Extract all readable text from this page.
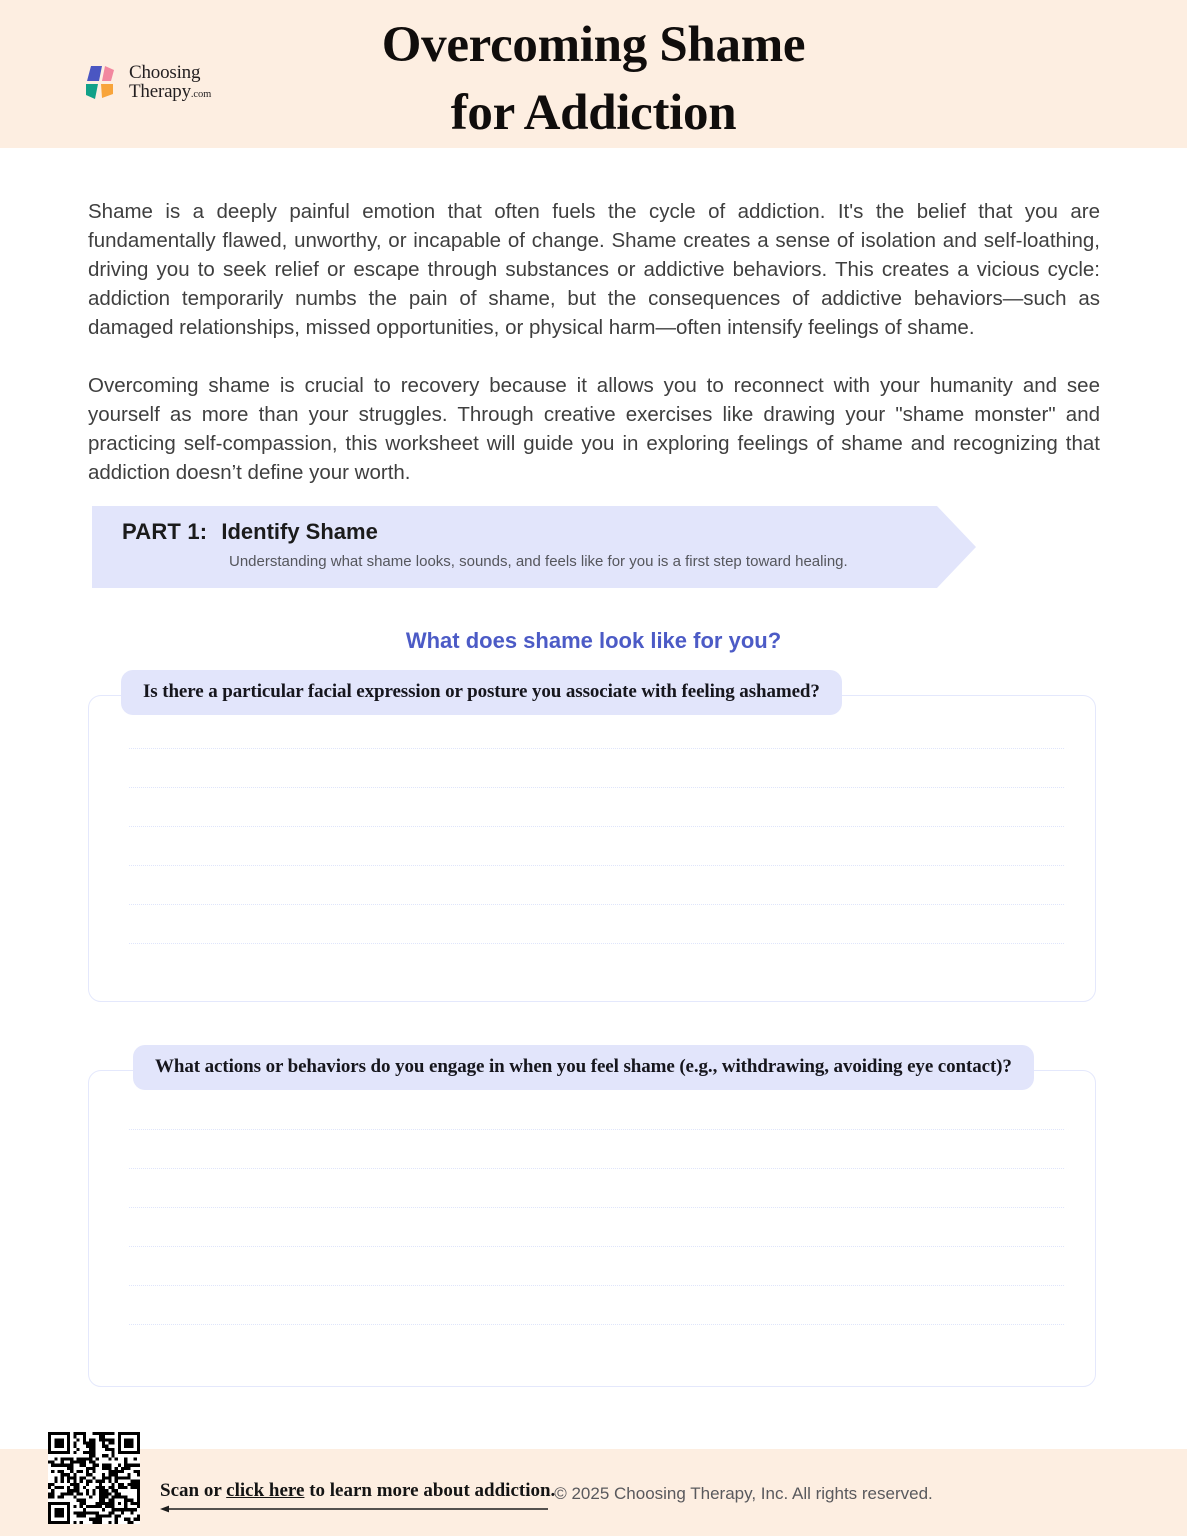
Choosing
Therapy .com
Overcoming Shame
for Addiction

Shame is a deeply painful emotion that often fuels the cycle of addiction. It's the belief that you are fundamentally flawed, unworthy, or incapable of change. Shame creates a sense of isolation and self-loathing, driving you to seek relief or escape through substances or addictive behaviors. This creates a vicious cycle: addiction temporarily numbs the pain of shame, but the consequences of addictive behaviors—such as damaged relationships, missed opportunities, or physical harm—often intensify feelings of shame.

Overcoming shame is crucial to recovery because it allows you to reconnect with your humanity and see yourself as more than your struggles. Through creative exercises like drawing your "shame monster" and practicing self-compassion, this worksheet will guide you in exploring feelings of shame and recognizing that addiction doesn’t define your worth.

PART 1: Identify Shame
Understanding what shame looks, sounds, and feels like for you is a first step toward healing.
What does shame look like for you?
Is there a particular facial expression or posture you associate with feeling ashamed?
What actions or behaviors do you engage in when you feel shame (e.g., withdrawing, avoiding eye contact)?
Scan or click here to learn more about addiction.
© 2025 Choosing Therapy, Inc. All rights reserved.
